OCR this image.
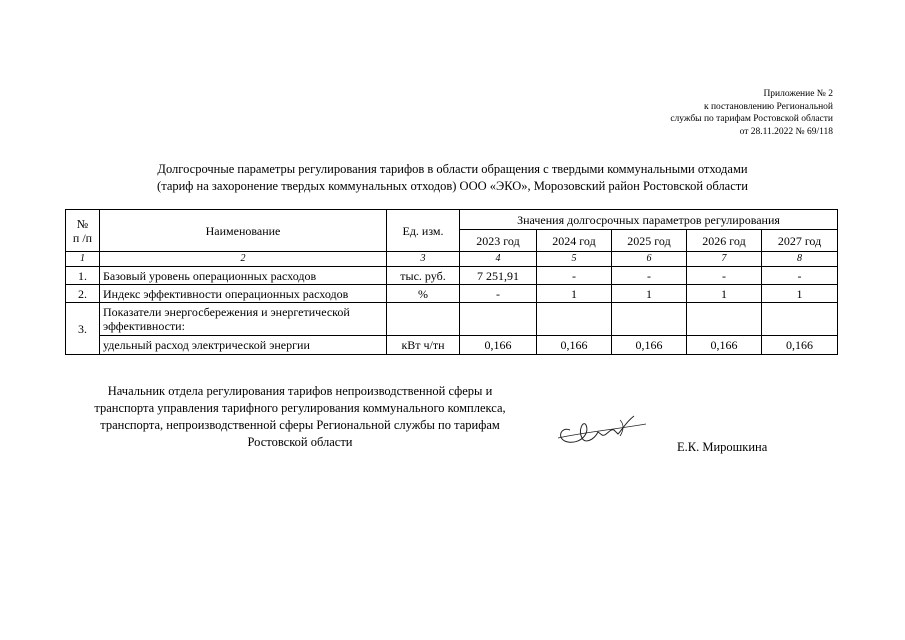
Приложение № 2
к постановлению Региональной
службы по тарифам Ростовской области
от 28.11.2022 № 69/118
Долгосрочные параметры регулирования тарифов в области обращения с твердыми коммунальными отходами
(тариф на захоронение твердых коммунальных отходов) ООО «ЭКО», Морозовский район Ростовской области
№
п /п	Наименование	Ед. изм.	Значения долгосрочных параметров регулирования				
			2023 год	2024 год	2025 год	2026 год	2027 год
1	2	3	4	5	6	7	8
1.	Базовый уровень операционных расходов	тыс. руб.	7 251,91	-	-	-	-
2.	Индекс эффективности операционных расходов	%	-	1	1	1	1
3.	Показатели энергосбережения и энергетической
эффективности:						

	удельный расход электрической энергии	кВт ч/тн	0,166	0,166	0,166	0,166	0,166
Начальник отдела регулирования тарифов непроизводственной сферы и
транспорта управления тарифного регулирования коммунального комплекса,
транспорта, непроизводственной сферы Региональной службы по тарифам
Ростовской области	Е.К. Мирошкина
